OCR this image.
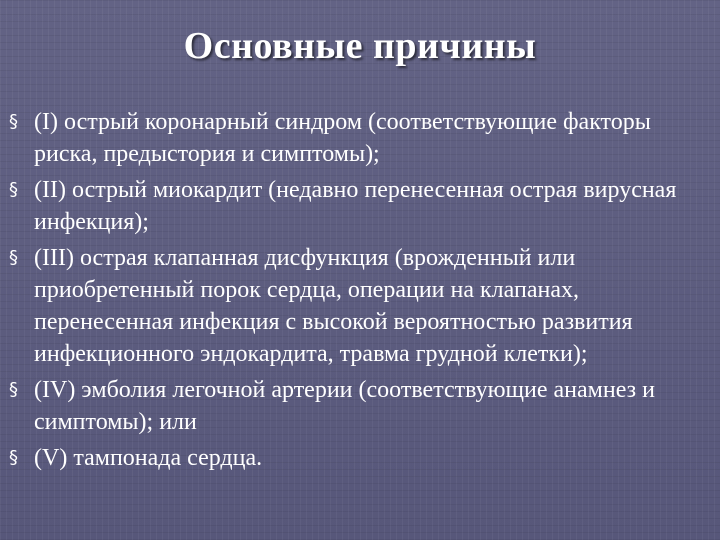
Основные причины
§ (I) острый коронарный синдром (соответствующие факторы риска, предыстория и симптомы);
§ (II) острый миокардит (недавно перенесенная острая вирусная инфекция);
§ (III) острая клапанная дисфункция (врожденный или приобретенный порок сердца, операции на клапанах, перенесенная инфекция с высокой вероятностью развития инфекционного эндокардита, травма грудной клетки);
§ (IV) эмболия легочной артерии (соответствующие анамнез и симптомы); или
§ (V) тампонада сердца.
